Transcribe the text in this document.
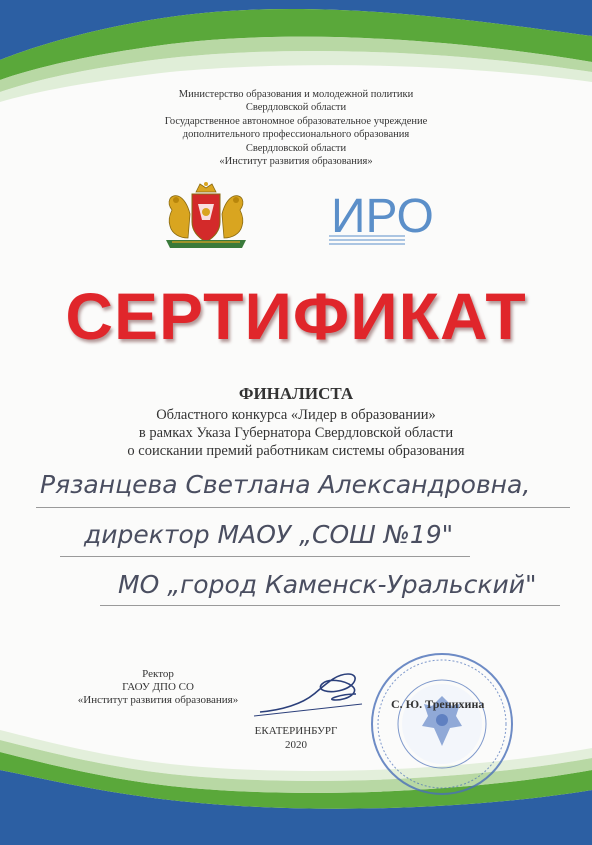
Министерство образования и молодежной политики
Свердловской области
Государственное автономное образовательное учреждение
дополнительного профессионального образования
Свердловской области
«Институт развития образования»
ИРО
СЕРТИФИКАТ
ФИНАЛИСТА
Областного конкурса «Лидер в образовании»
в рамках Указа Губернатора Свердловской области
о соискании премий работникам системы образования
Рязанцева Светлана Александровна,
директор МАОУ „СОШ №19"
МО „город Каменск-Уральский"
Ректор
ГАОУ ДПО СО
«Институт развития образования»	С. Ю. Тренихина
ЕКАТЕРИНБУРГ
2020
